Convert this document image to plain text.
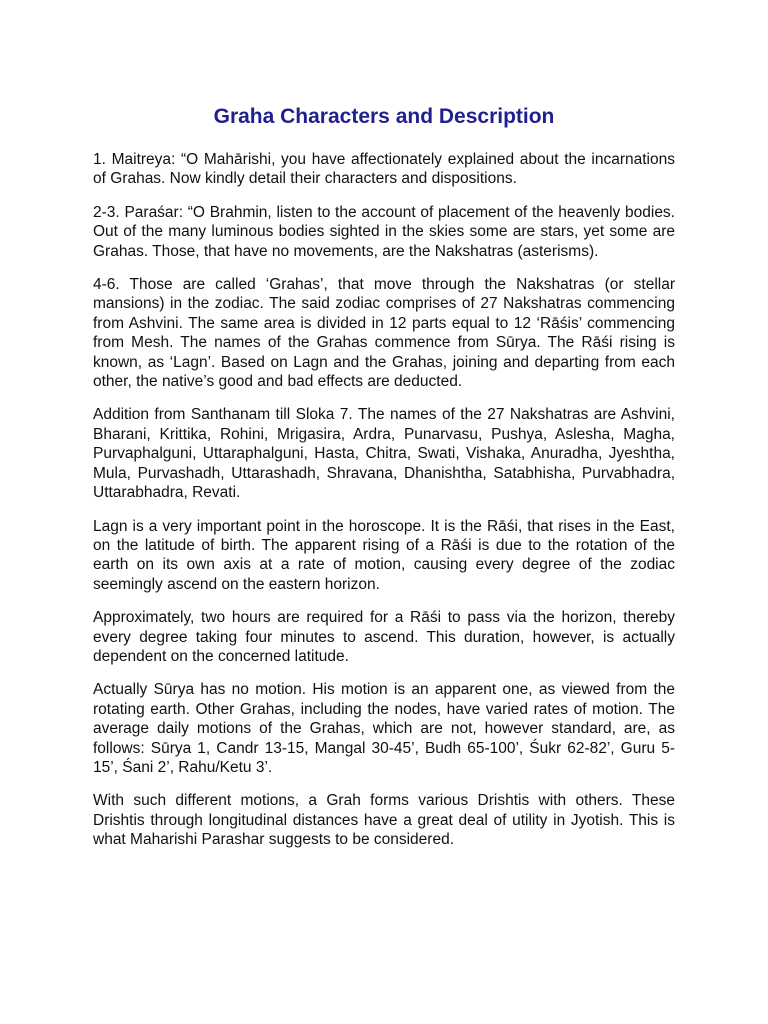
Graha Characters and Description

1. Maitreya: “O Mahārishi, you have affectionately explained about the incarnations of Grahas. Now kindly detail their characters and dispositions.

2-3. Paraśar: “O Brahmin, listen to the account of placement of the heavenly bodies. Out of the many luminous bodies sighted in the skies some are stars, yet some are Grahas. Those, that have no movements, are the Nakshatras (asterisms).

4-6. Those are called ‘Grahas’, that move through the Nakshatras (or stellar mansions) in the zodiac. The said zodiac comprises of 27 Nakshatras commencing from Ashvini. The same area is divided in 12 parts equal to 12 ‘Rāśis’ commencing from Mesh. The names of the Grahas commence from Sūrya. The Rāśi rising is known, as ‘Lagn’. Based on Lagn and the Grahas, joining and departing from each other, the native’s good and bad effects are deducted.

Addition from Santhanam till Sloka 7. The names of the 27 Nakshatras are Ashvini, Bharani, Krittika, Rohini, Mrigasira, Ardra, Punarvasu, Pushya, Aslesha, Magha, Purvaphalguni, Uttaraphalguni, Hasta, Chitra, Swati, Vishaka, Anuradha, Jyeshtha, Mula, Purvashadh, Uttarashadh, Shravana, Dhanishtha, Satabhisha, Purvabhadra, Uttarabhadra, Revati.

Lagn is a very important point in the horoscope. It is the Rāśi, that rises in the East, on the latitude of birth. The apparent rising of a Rāśi is due to the rotation of the earth on its own axis at a rate of motion, causing every degree of the zodiac seemingly ascend on the eastern horizon.

Approximately, two hours are required for a Rāśi to pass via the horizon, thereby every degree taking four minutes to ascend. This duration, however, is actually dependent on the concerned latitude.

Actually Sūrya has no motion. His motion is an apparent one, as viewed from the rotating earth. Other Grahas, including the nodes, have varied rates of motion. The average daily motions of the Grahas, which are not, however standard, are, as follows: Sūrya 1, Candr 13-15, Mangal 30-45’, Budh 65-100’, Śukr 62-82’, Guru 5-15’, Śani 2’, Rahu/Ketu 3’.

With such different motions, a Grah forms various Drishtis with others. These Drishtis through longitudinal distances have a great deal of utility in Jyotish. This is what Maharishi Parashar suggests to be considered.
